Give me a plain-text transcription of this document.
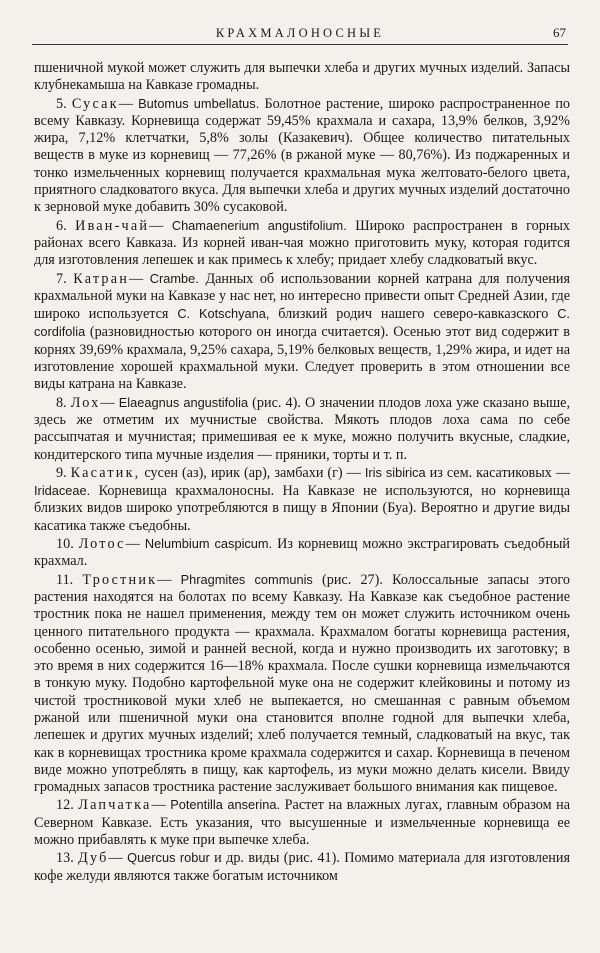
КРАХМАЛОНОСНЫЕ	67

пшеничной мукой может служить для выпечки хлеба и других мучных изделий. Запасы клубнекамыша на Кавказе громадны.

5. Сусак— Butomus umbellatus. Болотное растение, широко распространенное по всему Кавказу. Корневища содержат 59,45% крахмала и сахара, 13,9% белков, 3,92% жира, 7,12% клетчатки, 5,8% золы (Казакевич). Общее количество питательных веществ в муке из корневищ — 77,26% (в ржаной муке — 80,76%). Из поджаренных и тонко измельченных корневищ получается крахмальная мука желтовато-белого цвета, приятного сладковатого вкуса. Для выпечки хлеба и других мучных изделий достаточно к зерновой муке добавить 30% сусаковой.

6. Иван-чай— Chamaenerium angustifolium. Широко распространен в горных районах всего Кавказа. Из корней иван-чая можно приготовить муку, которая годится для изготовления лепешек и как примесь к хлебу; придает хлебу сладковатый вкус.

7. Катран— Crambe. Данных об использовании корней катрана для получения крахмальной муки на Кавказе у нас нет, но интересно привести опыт Средней Азии, где широко используется C. Kotschyana, близкий родич нашего северо-кавказского C. cordifolia (разновидностью которого он иногда считается). Осенью этот вид содержит в корнях 39,69% крахмала, 9,25% сахара, 5,19% белковых веществ, 1,29% жира, и идет на изготовление хорошей крахмальной муки. Следует проверить в этом отношении все виды катрана на Кавказе.

8. Лох— Elaeagnus angustifolia (рис. 4). О значении плодов лоха уже сказано выше, здесь же отметим их мучнистые свойства. Мякоть плодов лоха сама по себе рассыпчатая и мучнистая; примешивая ее к муке, можно получить вкусные, сладкие, кондитерского типа мучные изделия — пряники, торты и т. п.

9. Касатик, сусен (аз), ирик (ар), замбахи (г) — Iris sibirica из сем. касатиковых — Iridaceae. Корневища крахмалоносны. На Кавказе не используются, но корневища близких видов широко употребляются в пищу в Японии (Буа). Вероятно и другие виды касатика также съедобны.

10. Лотос— Nelumbium caspicum. Из корневищ можно экстрагировать съедобный крахмал.

11. Тростник— Phragmites communis (рис. 27). Колоссальные запасы этого растения находятся на болотах по всему Кавказу. На Кавказе как съедобное растение тростник пока не нашел применения, между тем он может служить источником очень ценного питательного продукта — крахмала. Крахмалом богаты корневища растения, особенно осенью, зимой и ранней весной, когда и нужно производить их заготовку; в это время в них содержится 16—18% крахмала. После сушки корневища измельчаются в тонкую муку. Подобно картофельной муке она не содержит клейковины и потому из чистой тростниковой муки хлеб не выпекается, но смешанная с равным объемом ржаной или пшеничной муки она становится вполне годной для выпечки хлеба, лепешек и других мучных изделий; хлеб получается темный, сладковатый на вкус, так как в корневищах тростника кроме крахмала содержится и сахар. Корневища в печеном виде можно употреблять в пищу, как картофель, из муки можно делать кисели. Ввиду громадных запасов тростника растение заслуживает большого внимания как пищевое.

12. Лапчатка— Potentilla anserina. Растет на влажных лугах, главным образом на Северном Кавказе. Есть указания, что высушенные и измельченные корневища ее можно прибавлять к муке при выпечке хлеба.

13. Дуб— Quercus robur и др. виды (рис. 41). Помимо материала для изготовления кофе желуди являются также богатым источником
